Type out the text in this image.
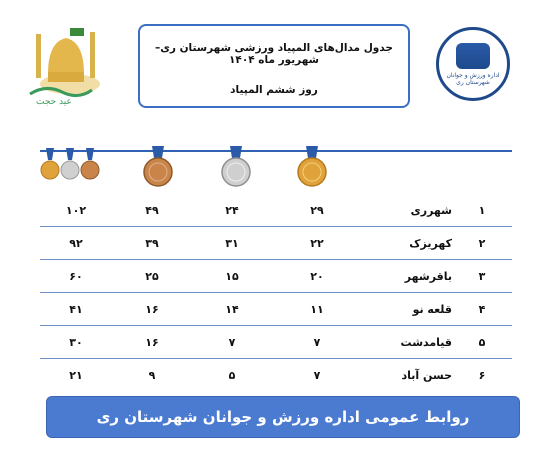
اداره ورزش و جوانان شهرستان ری
جدول مدال‌های المپیاد ورزشی شهرستان ری–شهریور ماه ۱۴۰۴
روز ششم المپیاد
عيد حجت
۱	شهرری	۲۹	۲۴	۴۹	۱۰۲
۲	کهریزک	۲۲	۳۱	۳۹	۹۲
۳	باقرشهر	۲۰	۱۵	۲۵	۶۰
۴	قلعه نو	۱۱	۱۴	۱۶	۴۱
۵	قیامدشت	۷	۷	۱۶	۳۰
۶	حسن آباد	۷	۵	۹	۲۱
روابط عمومی اداره ورزش و جوانان شهرستان ری
